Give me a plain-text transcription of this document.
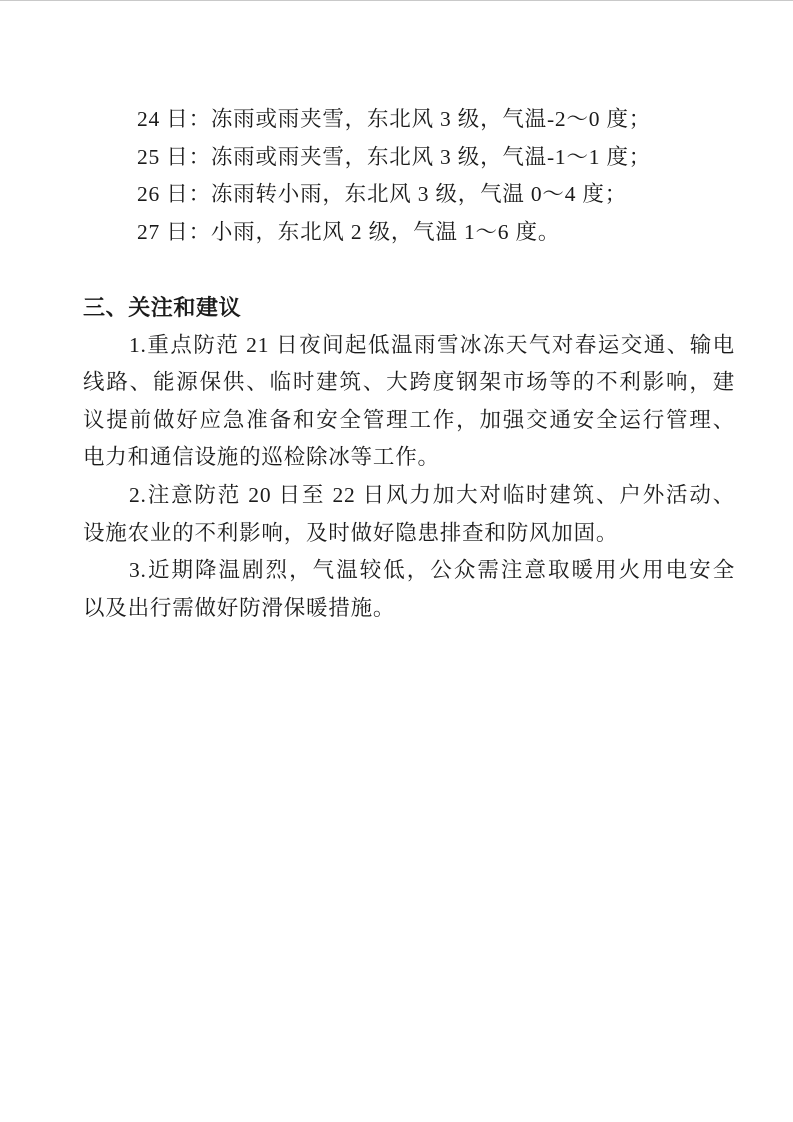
24 日：冻雨或雨夹雪，东北风 3 级，气温-2～0 度；
25 日：冻雨或雨夹雪，东北风 3 级，气温-1～1 度；
26 日：冻雨转小雨，东北风 3 级，气温 0～4 度；
27 日：小雨，东北风 2 级，气温 1～6 度。
三、关注和建议
1.重点防范 21 日夜间起低温雨雪冰冻天气对春运交通、输电
线路、能源保供、临时建筑、大跨度钢架市场等的不利影响，建
议提前做好应急准备和安全管理工作，加强交通安全运行管理、
电力和通信设施的巡检除冰等工作。
2.注意防范 20 日至 22 日风力加大对临时建筑、户外活动、
设施农业的不利影响，及时做好隐患排查和防风加固。
3.近期降温剧烈，气温较低，公众需注意取暖用火用电安全
以及出行需做好防滑保暖措施。
